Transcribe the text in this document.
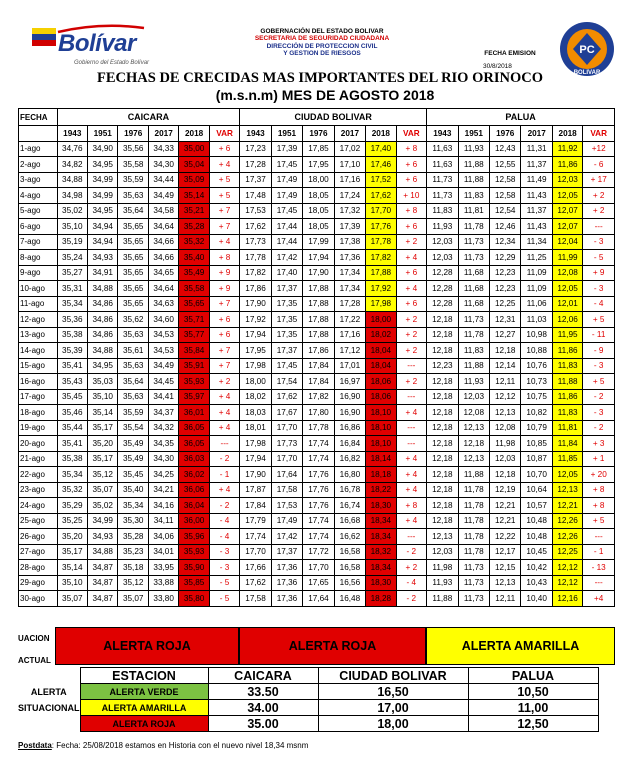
Bolívar
Gobierno del Estado Bolívar
GOBERNACIÓN DEL ESTADO BOLIVAR
SECRETARIA DE SEGURIDAD CIUDADANA
DIRECCIÓN DE PROTECCION CIVIL
Y GESTION DE RIESGOS	FECHA EMISION
30/8/2018
PC
BOLIVAR
FECHAS DE CRECIDAS MAS IMPORTANTES DEL RIO ORINOCO
(m.s.n.m) MES DE AGOSTO 2018
FECHA	CAICARA						CIUDAD BOLIVAR						PALUA					
	1943	1951	1976	2017	2018	VAR	1943	1951	1976	2017	2018	VAR	1943	1951	1976	2017	2018	VAR
1-ago	34,76	34,90	35,56	34,33	35,00	+ 6	17,23	17,39	17,85	17,02	17,40	+ 8	11,63	11,93	12,43	11,31	11,92	+12
2-ago	34,82	34,95	35,58	34,30	35,04	+ 4	17,28	17,45	17,95	17,10	17,46	+ 6	11,63	11,88	12,55	11,37	11,86	- 6
3-ago	34,88	34,99	35,59	34,44	35,09	+ 5	17,37	17,49	18,00	17,16	17,52	+ 6	11,73	11,88	12,58	11,49	12,03	+ 17
4-ago	34,98	34,99	35,63	34,49	35,14	+ 5	17,48	17,49	18,05	17,24	17,62	+ 10	11,73	11,83	12,58	11,43	12,05	+ 2
5-ago	35,02	34,95	35,64	34,58	35,21	+ 7	17,53	17,45	18,05	17,32	17,70	+ 8	11,83	11,81	12,54	11,37	12,07	+ 2
6-ago	35,10	34,94	35,65	34,64	35,28	+ 7	17,62	17,44	18,05	17,39	17,76	+ 6	11,93	11,78	12,46	11,43	12,07	---
7-ago	35,19	34,94	35,65	34,66	35,32	+ 4	17,73	17,44	17,99	17,38	17,78	+ 2	12,03	11,73	12,34	11,34	12,04	- 3
8-ago	35,24	34,93	35,65	34,66	35,40	+ 8	17,78	17,42	17,94	17,36	17,82	+ 4	12,03	11,73	12,29	11,25	11,99	- 5
9-ago	35,27	34,91	35,65	34,65	35,49	+ 9	17,82	17,40	17,90	17,34	17,88	+ 6	12,28	11,68	12,23	11,09	12,08	+ 9
10-ago	35,31	34,88	35,65	34,64	35,58	+ 9	17,86	17,37	17,88	17,34	17,92	+ 4	12,28	11,68	12,23	11,09	12,05	- 3
11-ago	35,34	34,86	35,65	34,63	35,65	+ 7	17,90	17,35	17,88	17,28	17,98	+ 6	12,28	11,68	12,25	11,06	12,01	- 4
12-ago	35,36	34,86	35,62	34,60	35,71	+ 6	17,92	17,35	17,88	17,22	18,00	+ 2	12,18	11,73	12,31	11,03	12,06	+ 5
13-ago	35,38	34,86	35,63	34,53	35,77	+ 6	17,94	17,35	17,88	17,16	18,02	+ 2	12,18	11,78	12,27	10,98	11,95	- 11
14-ago	35,39	34,88	35,61	34,53	35,84	+ 7	17,95	17,37	17,86	17,12	18,04	+ 2	12,18	11,83	12,18	10,88	11,86	- 9
15-ago	35,41	34,95	35,63	34,49	35,91	+ 7	17,98	17,45	17,84	17,01	18,04	---	12,23	11,88	12,14	10,76	11,83	- 3
16-ago	35,43	35,03	35,64	34,45	35,93	+ 2	18,00	17,54	17,84	16,97	18,06	+ 2	12,18	11,93	12,11	10,73	11,88	+ 5
17-ago	35,45	35,10	35,63	34,41	35,97	+ 4	18,02	17,62	17,82	16,90	18,06	---	12,18	12,03	12,12	10,75	11,86	- 2
18-ago	35,46	35,14	35,59	34,37	36,01	+ 4	18,03	17,67	17,80	16,90	18,10	+ 4	12,18	12,08	12,13	10,82	11,83	- 3
19-ago	35,44	35,17	35,54	34,32	36,05	+ 4	18,01	17,70	17,78	16,86	18,10	---	12,18	12,13	12,08	10,79	11,81	- 2
20-ago	35,41	35,20	35,49	34,35	36,05	---	17,98	17,73	17,74	16,84	18,10	---	12,18	12,18	11,98	10,85	11,84	+ 3
21-ago	35,38	35,17	35,49	34,30	36,03	- 2	17,94	17,70	17,74	16,82	18,14	+ 4	12,18	12,13	12,03	10,87	11,85	+ 1
22-ago	35,34	35,12	35,45	34,25	36,02	- 1	17,90	17,64	17,76	16,80	18,18	+ 4	12,18	11,88	12,18	10,70	12,05	+ 20
23-ago	35,32	35,07	35,40	34,21	36,06	+ 4	17,87	17,58	17,76	16,78	18,22	+ 4	12,18	11,78	12,19	10,64	12,13	+ 8
24-ago	35,29	35,02	35,34	34,16	36,04	- 2	17,84	17,53	17,76	16,74	18,30	+ 8	12,18	11,78	12,21	10,57	12,21	+ 8
25-ago	35,25	34,99	35,30	34,11	36,00	- 4	17,79	17,49	17,74	16,68	18,34	+ 4	12,18	11,78	12,21	10,48	12,26	+ 5
26-ago	35,20	34,93	35,28	34,06	35,96	- 4	17,74	17,42	17,74	16,62	18,34	---	12,13	11,78	12,22	10,48	12,26	---
27-ago	35,17	34,88	35,23	34,01	35,93	- 3	17,70	17,37	17,72	16,58	18,32	- 2	12,03	11,78	12,17	10,45	12,25	- 1
28-ago	35,14	34,87	35,18	33,95	35,90	- 3	17,66	17,36	17,70	16,58	18,34	+ 2	11,98	11,73	12,15	10,42	12,12	- 13
29-ago	35,10	34,87	35,12	33,88	35,85	- 5	17,62	17,36	17,65	16,56	18,30	- 4	11,93	11,73	12,13	10,43	12,12	---
30-ago	35,07	34,87	35,07	33,80	35,80	- 5	17,58	17,36	17,64	16,48	18,28	- 2	11,88	11,73	12,11	10,40	12,16	+4
UACION
ACTUAL
ALERTA ROJA	ALERTA ROJA	ALERTA AMARILLA
	ESTACION	CAICARA	CIUDAD BOLIVAR	PALUA
ALERTA	ALERTA VERDE	33.50	16,50	10,50
SITUACIONAL	ALERTA AMARILLA	34.00	17,00	11,00
	ALERTA ROJA	35.00	18,00	12,50
Postdata: Fecha: 25/08/2018 estamos en Historia con el nuevo nivel 18,34 msnm
